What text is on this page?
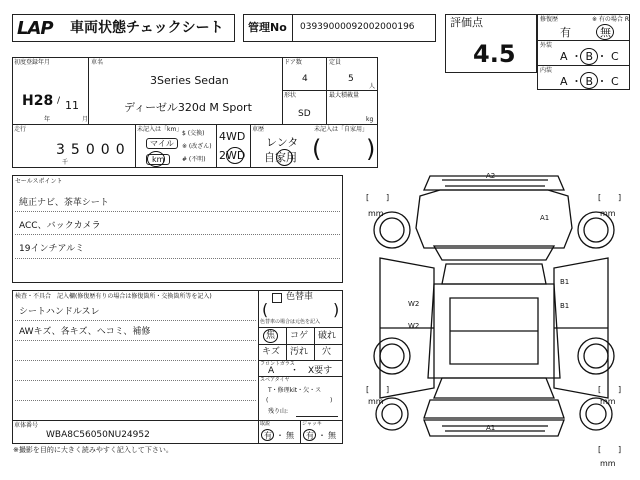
LAP 車両状態チェックシート 管理No 03939000092002000196	評価点
4.5
修復歴	※ 有の場合 R
有	無
外装
A ・ B ・ C
内装
A ・ B ・ C
初度登録年月
H28 11
/
年	月
車名
3Series Sedan
ディーゼル320d M Sport
ドア数
4
定員
5
人
形状
SD
最大積載量
kg
走行
3 5 0 0 0
千
未記入は「km」
マイル
km
$ (交換)
※ (改ざん)
# (不明)
4WD
2WD
車歴	未記入は「自家用」
レンタ
自家用 ( )
セールスポイント
純正ナビ、茶革シート
ACC、バックカメラ
19インチアルミ
検査・不具合　記入欄(修復歴有りの場合は修復箇所・交換箇所等を記入)
シートハンドルスレ
AWキズ、各キズ、ヘコミ、補修
車体番号
WBA8C56050NU24952
※撮影を目的に大きく読みやすく記入して下さい。
色替車
(	)
色替車の場合は元色を記入
焦 コゲ 破れ
キズ 汚れ 穴
フロントガラス
A ・ X要す
スペアタイヤ
T・修理kit・欠・ス
(	)
残り山:
取説
有 ・ 無
ジャッキ
有 ・ 無
A2
A1
B1
B1
W2
W2
A1
[ ]
mm
[ ]
mm
[ ]
mm
[ ]
mm
[ ]
mm
